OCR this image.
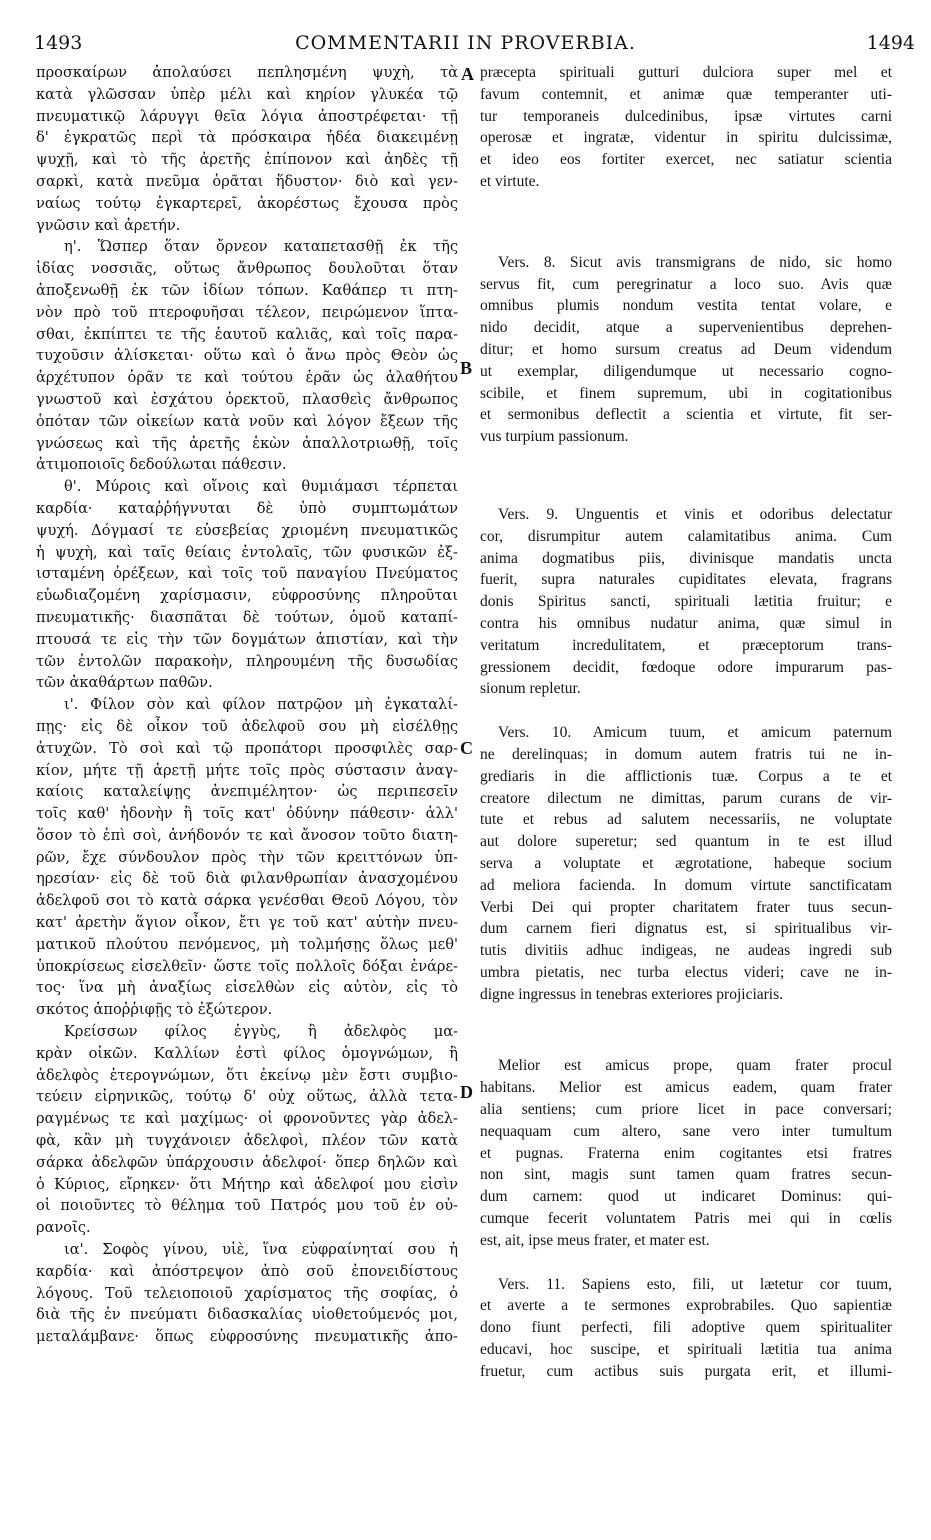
1493	COMMENTARII IN PROVERBIA.	1494
προσκαίρων ἀπολαύσει πεπλησμένη ψυχὴ, τὰ
κατὰ γλῶσσαν ὑπὲρ μέλι καὶ κηρίον γλυκέα τῷ
πνευματικῷ λάρυγγι θεῖα λόγια ἀποστρέφεται· τῇ
δ' ἐγκρατῶς περὶ τὰ πρόσκαιρα ἡδέα διακειμένῃ
ψυχῇ, καὶ τὸ τῆς ἀρετῆς ἐπίπονον καὶ ἀηδὲς τῇ
σαρκὶ, κατὰ πνεῦμα ὁρᾶται ἥδυστον· διὸ καὶ γεν-
ναίως τούτῳ ἐγκαρτερεῖ, ἀκορέστως ἔχουσα πρὸς
γνῶσιν καὶ ἀρετήν.
η'. Ὥσπερ ὅταν ὄρνεον καταπετασθῇ ἐκ τῆς
ἰδίας νοσσιᾶς, οὕτως ἄνθρωπος δουλοῦται ὅταν
ἀποξενωθῇ ἐκ τῶν ἰδίων τόπων. Καθάπερ τι πτη-
νὸν πρὸ τοῦ πτεροφυῆσαι τέλεον, πειρώμενον ἵπτα-
σθαι, ἐκπίπτει τε τῆς ἑαυτοῦ καλιᾶς, καὶ τοῖς παρα-
τυχοῦσιν ἁλίσκεται· οὕτω καὶ ὁ ἄνω πρὸς Θεὸν ὡς
ἀρχέτυπον ὁρᾶν τε καὶ τούτου ἐρᾶν ὡς ἀλαθήτου
γνωστοῦ καὶ ἐσχάτου ὀρεκτοῦ, πλασθεὶς ἄνθρωπος
ὁπόταν τῶν οἰκείων κατὰ νοῦν καὶ λόγον ἔξεων τῆς
γνώσεως καὶ τῆς ἀρετῆς ἑκὼν ἀπαλλοτριωθῇ, τοῖς
ἀτιμοποιοῖς δεδούλωται πάθεσιν.
θ'. Μύροις καὶ οἴνοις καὶ θυμιάμασι τέρπεται
καρδία· καταῤῥήγνυται δὲ ὑπὸ συμπτωμάτων
ψυχή. Δόγμασί τε εὐσεβείας χριομένη πνευματικῶς
ἡ ψυχὴ, καὶ ταῖς θείαις ἐντολαῖς, τῶν φυσικῶν ἐξ-
ισταμένη ὀρέξεων, καὶ τοῖς τοῦ παναγίου Πνεύματος
εὐωδιαζομένη χαρίσμασιν, εὐφροσύνης πληροῦται
πνευματικῆς· διασπᾶται δὲ τούτων, ὁμοῦ καταπί-
πτουσά τε εἰς τὴν τῶν δογμάτων ἀπιστίαν, καὶ τὴν
τῶν ἐντολῶν παρακοὴν, πληρουμένη τῆς δυσωδίας
τῶν ἀκαθάρτων παθῶν.
ι'. Φίλον σὸν καὶ φίλον πατρῷον μὴ ἐγκαταλί-
πῃς· εἰς δὲ οἶκον τοῦ ἀδελφοῦ σου μὴ εἰσέλθῃς
ἀτυχῶν. Τὸ σοὶ καὶ τῷ προπάτορι προσφιλὲς σαρ-
κίον, μήτε τῇ ἀρετῇ μήτε τοῖς πρὸς σύστασιν ἀναγ-
καίοις καταλείψῃς ἀνεπιμέλητον· ὡς περιπεσεῖν
τοῖς καθ' ἡδονὴν ἢ τοῖς κατ' ὀδύνην πάθεσιν· ἀλλ'
ὅσον τὸ ἐπὶ σοὶ, ἀνήδονόν τε καὶ ἄνοσον τοῦτο διατη-
ρῶν, ἔχε σύνδουλον πρὸς τὴν τῶν κρειττόνων ὑπ-
ηρεσίαν· εἰς δὲ τοῦ διὰ φιλανθρωπίαν ἀνασχομένου
ἀδελφοῦ σοι τὸ κατὰ σάρκα γενέσθαι Θεοῦ Λόγου, τὸν
κατ' ἀρετὴν ἅγιον οἶκον, ἔτι γε τοῦ κατ' αὐτὴν πνευ-
ματικοῦ πλούτου πενόμενος, μὴ τολμήσῃς ὅλως μεθ'
ὑποκρίσεως εἰσελθεῖν· ὥστε τοῖς πολλοῖς δόξαι ἐνάρε-
τος· ἵνα μὴ ἀναξίως εἰσελθὼν εἰς αὐτὸν, εἰς τὸ
σκότος ἀποῤῥιφῇς τὸ ἐξώτερον.
Κρείσσων φίλος ἐγγὺς, ἢ ἀδελφὸς μα-
κρὰν οἰκῶν. Καλλίων ἐστὶ φίλος ὁμογνώμων, ἢ
ἀδελφὸς ἑτερογνώμων, ὅτι ἐκείνῳ μὲν ἔστι συμβιο-
τεύειν εἰρηνικῶς, τούτῳ δ' οὐχ οὕτως, ἀλλὰ τετα-
ραγμένως τε καὶ μαχίμως· οἱ φρονοῦντες γὰρ ἀδελ-
φὰ, κἂν μὴ τυγχάνοιεν ἀδελφοὶ, πλέον τῶν κατὰ
σάρκα ἀδελφῶν ὑπάρχουσιν ἀδελφοί· ὅπερ δηλῶν καὶ
ὁ Κύριος, εἴρηκεν· ὅτι Μήτηρ καὶ ἀδελφοί μου εἰσὶν
οἱ ποιοῦντες τὸ θέλημα τοῦ Πατρός μου τοῦ ἐν οὐ-
ρανοῖς.
ια'. Σοφὸς γίνου, υἱὲ, ἵνα εὐφραίνηταί σου ἡ
καρδία· καὶ ἀπόστρεψον ἀπὸ σοῦ ἐπονειδίστους
λόγους. Τοῦ τελειοποιοῦ χαρίσματος τῆς σοφίας, ὁ
διὰ τῆς ἐν πνεύματι διδασκαλίας υἱοθετούμενός μοι,
μεταλάμβανε· ὅπως εὐφροσύνης πνευματικῆς ἀπο-
A
B
C
D
præcepta spirituali gutturi dulciora super mel et
favum contemnit, et animæ quæ temperanter uti-
tur temporaneis dulcedinibus, ipsæ virtutes carni
operosæ et ingratæ, videntur in spiritu dulcissimæ,
et ideo eos fortiter exercet, nec satiatur scientia
et virtute.
Vers. 8. Sicut avis transmigrans de nido, sic homo
servus fit, cum peregrinatur a loco suo. Avis quæ
omnibus plumis nondum vestita tentat volare, e
nido decidit, atque a supervenientibus deprehen-
ditur; et homo sursum creatus ad Deum videndum
ut exemplar, diligendumque ut necessario cogno-
scibile, et finem supremum, ubi in cogitationibus
et sermonibus deflectit a scientia et virtute, fit ser-
vus turpium passionum.
Vers. 9. Unguentis et vinis et odoribus delectatur
cor, disrumpitur autem calamitatibus anima. Cum
anima dogmatibus piis, divinisque mandatis uncta
fuerit, supra naturales cupiditates elevata, fragrans
donis Spiritus sancti, spirituali lætitia fruitur; e
contra his omnibus nudatur anima, quæ simul in
veritatum incredulitatem, et præceptorum trans-
gressionem decidit, fœdoque odore impurarum pas-
sionum repletur.
Vers. 10. Amicum tuum, et amicum paternum
ne derelinquas; in domum autem fratris tui ne in-
grediaris in die afflictionis tuæ. Corpus a te et
creatore dilectum ne dimittas, parum curans de vir-
tute et rebus ad salutem necessariis, ne voluptate
aut dolore superetur; sed quantum in te est illud
serva a voluptate et ægrotatione, habeque socium
ad meliora facienda. In domum virtute sanctificatam
Verbi Dei qui propter charitatem frater tuus secun-
dum carnem fieri dignatus est, si spiritualibus vir-
tutis divitiis adhuc indigeas, ne audeas ingredi sub
umbra pietatis, nec turba electus videri; cave ne in-
digne ingressus in tenebras exteriores projiciaris.
Melior est amicus prope, quam frater procul
habitans. Melior est amicus eadem, quam frater
alia sentiens; cum priore licet in pace conversari;
nequaquam cum altero, sane vero inter tumultum
et pugnas. Fraterna enim cogitantes etsi fratres
non sint, magis sunt tamen quam fratres secun-
dum carnem: quod ut indicaret Dominus: qui-
cumque fecerit voluntatem Patris mei qui in cœlis
est, ait, ipse meus frater, et mater est.
Vers. 11. Sapiens esto, fili, ut lætetur cor tuum,
et averte a te sermones exprobrabiles. Quo sapientiæ
dono fiunt perfecti, fili adoptive quem spiritualiter
educavi, hoc suscipe, et spirituali lætitia tua anima
fruetur, cum actibus suis purgata erit, et illumi-
